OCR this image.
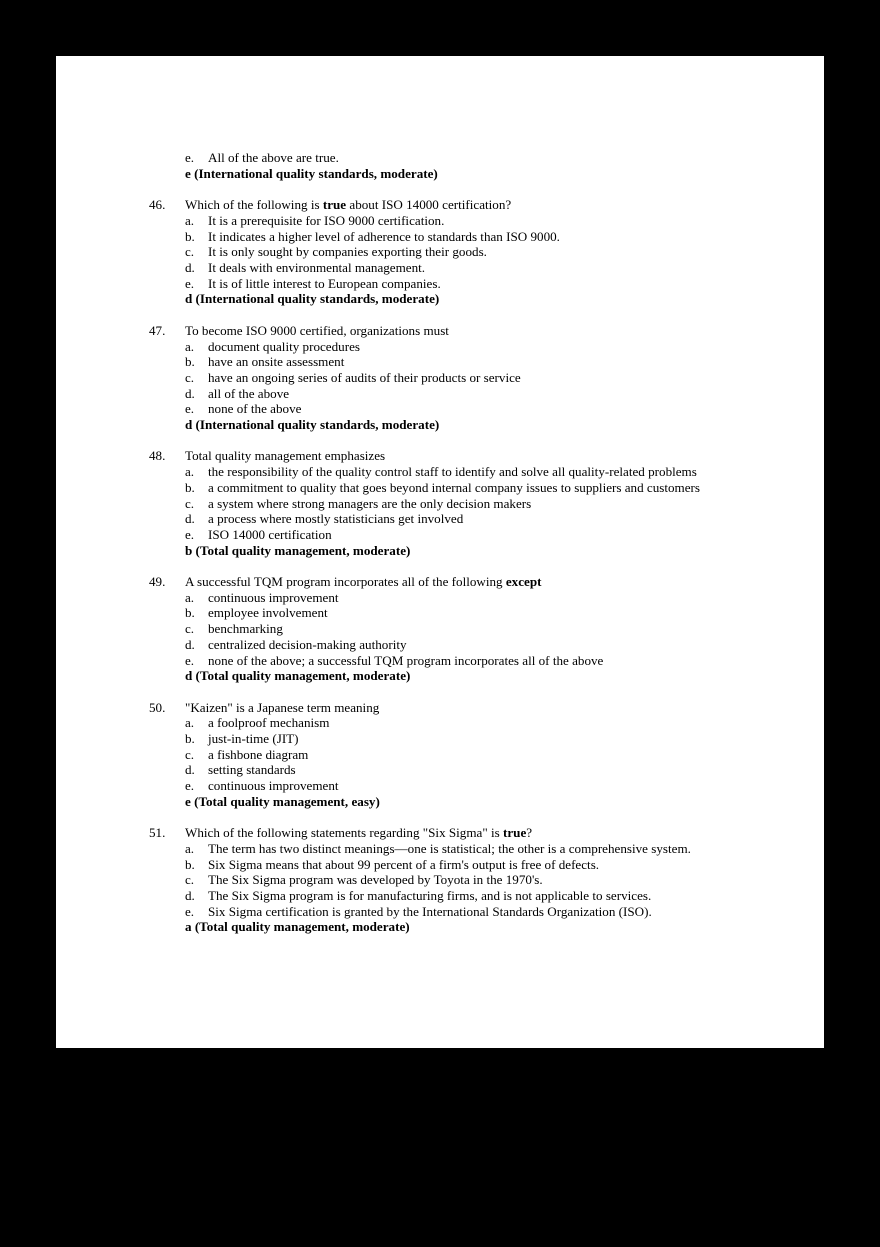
e. All of the above are true.
e (International quality standards, moderate)
46. Which of the following is true about ISO 14000 certification?
a. It is a prerequisite for ISO 9000 certification.
b. It indicates a higher level of adherence to standards than ISO 9000.
c. It is only sought by companies exporting their goods.
d. It deals with environmental management.
e. It is of little interest to European companies.
d (International quality standards, moderate)
47. To become ISO 9000 certified, organizations must
a. document quality procedures
b. have an onsite assessment
c. have an ongoing series of audits of their products or service
d. all of the above
e. none of the above
d (International quality standards, moderate)
48. Total quality management emphasizes
a. the responsibility of the quality control staff to identify and solve all quality-related problems
b. a commitment to quality that goes beyond internal company issues to suppliers and customers
c. a system where strong managers are the only decision makers
d. a process where mostly statisticians get involved
e. ISO 14000 certification
b (Total quality management, moderate)
49. A successful TQM program incorporates all of the following except
a. continuous improvement
b. employee involvement
c. benchmarking
d. centralized decision-making authority
e. none of the above; a successful TQM program incorporates all of the above
d (Total quality management, moderate)
50. "Kaizen" is a Japanese term meaning
a. a foolproof mechanism
b. just-in-time (JIT)
c. a fishbone diagram
d. setting standards
e. continuous improvement
e (Total quality management, easy)
51. Which of the following statements regarding "Six Sigma" is true?
a. The term has two distinct meanings—one is statistical; the other is a comprehensive system.
b. Six Sigma means that about 99 percent of a firm's output is free of defects.
c. The Six Sigma program was developed by Toyota in the 1970's.
d. The Six Sigma program is for manufacturing firms, and is not applicable to services.
e. Six Sigma certification is granted by the International Standards Organization (ISO).
a (Total quality management, moderate)
